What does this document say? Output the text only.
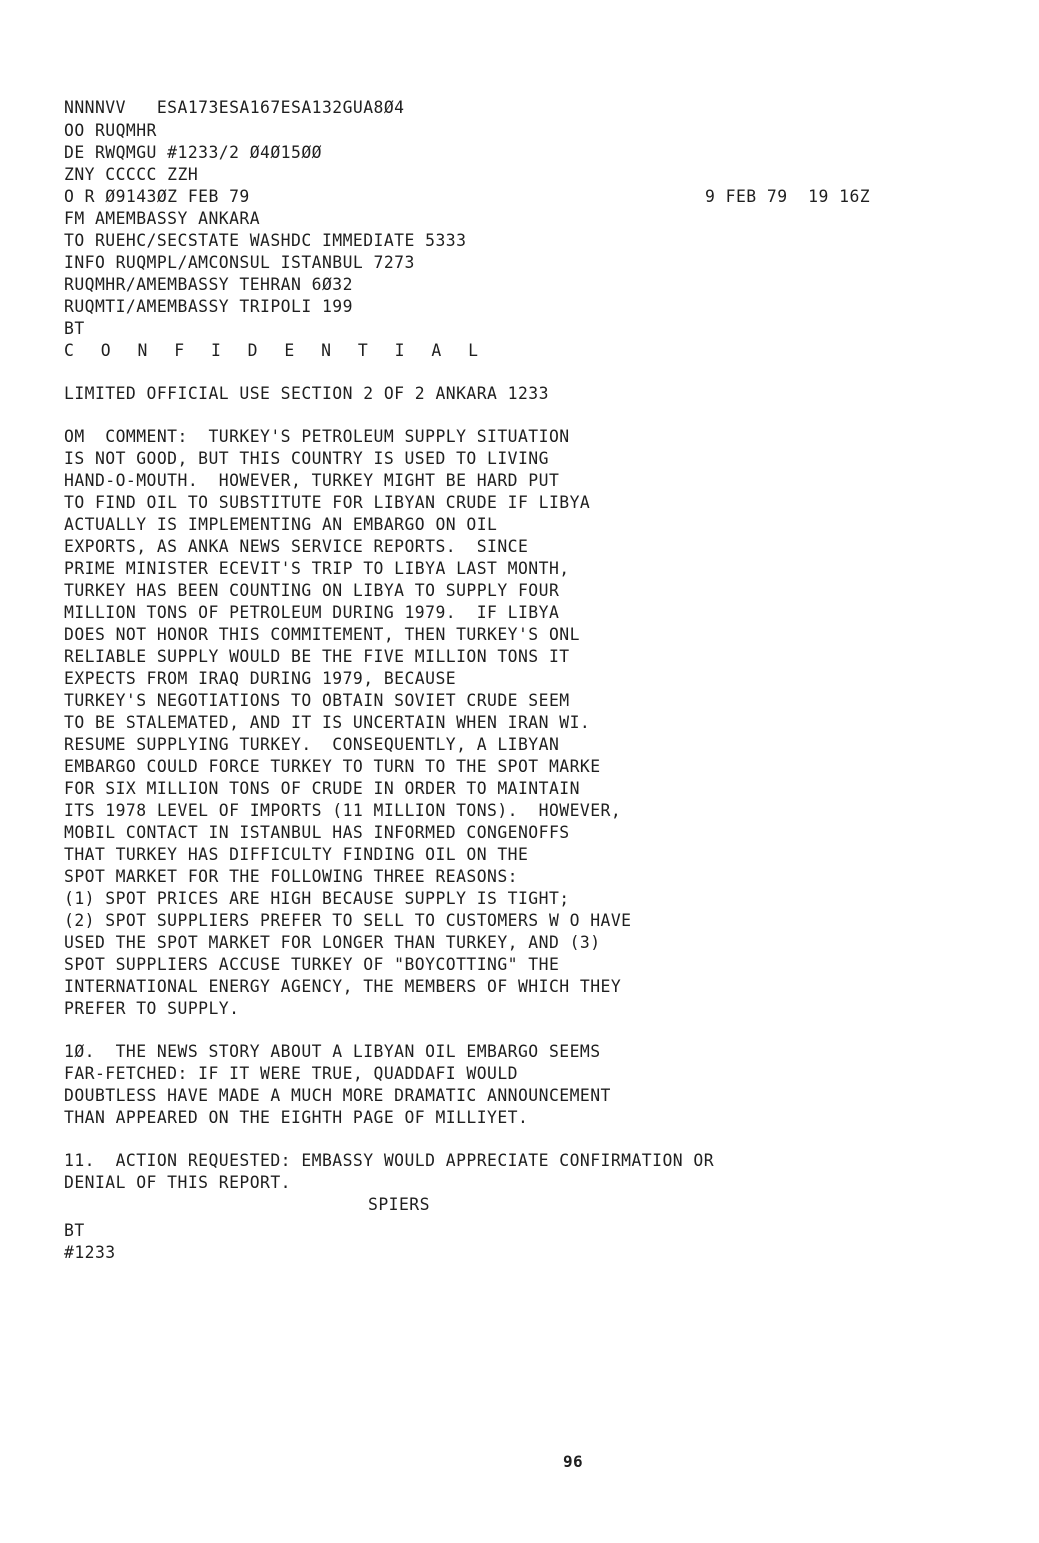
NNNNVV   ESA173ESA167ESA132GUA8Ø4
OO RUQMHR
DE RWQMGU #1233/2 Ø4Ø15ØØ
ZNY CCCCC ZZH
O R Ø9143ØZ FEB 79	9 FEB 79  19 16Z
FM AMEMBASSY ANKARA
TO RUEHC/SECSTATE WASHDC IMMEDIATE 5333
INFO RUQMPL/AMCONSUL ISTANBUL 7273
RUQMHR/AMEMBASSY TEHRAN 6Ø32
RUQMTI/AMEMBASSY TRIPOLI 199
BT
C O N F I D E N T I A L
LIMITED OFFICIAL USE SECTION 2 OF 2 ANKARA 1233
OM  COMMENT:  TURKEY'S PETROLEUM SUPPLY SITUATION
IS NOT GOOD, BUT THIS COUNTRY IS USED TO LIVING
HAND-O-MOUTH.  HOWEVER, TURKEY MIGHT BE HARD PUT
TO FIND OIL TO SUBSTITUTE FOR LIBYAN CRUDE IF LIBYA
ACTUALLY IS IMPLEMENTING AN EMBARGO ON OIL
EXPORTS, AS ANKA NEWS SERVICE REPORTS.  SINCE
PRIME MINISTER ECEVIT'S TRIP TO LIBYA LAST MONTH,
TURKEY HAS BEEN COUNTING ON LIBYA TO SUPPLY FOUR
MILLION TONS OF PETROLEUM DURING 1979.  IF LIBYA
DOES NOT HONOR THIS COMMITEMENT, THEN TURKEY'S ONL
RELIABLE SUPPLY WOULD BE THE FIVE MILLION TONS IT
EXPECTS FROM IRAQ DURING 1979, BECAUSE
TURKEY'S NEGOTIATIONS TO OBTAIN SOVIET CRUDE SEEM
TO BE STALEMATED, AND IT IS UNCERTAIN WHEN IRAN WI.
RESUME SUPPLYING TURKEY.  CONSEQUENTLY, A LIBYAN
EMBARGO COULD FORCE TURKEY TO TURN TO THE SPOT MARKE
FOR SIX MILLION TONS OF CRUDE IN ORDER TO MAINTAIN
ITS 1978 LEVEL OF IMPORTS (11 MILLION TONS).  HOWEVER,
MOBIL CONTACT IN ISTANBUL HAS INFORMED CONGENOFFS
THAT TURKEY HAS DIFFICULTY FINDING OIL ON THE
SPOT MARKET FOR THE FOLLOWING THREE REASONS:
(1) SPOT PRICES ARE HIGH BECAUSE SUPPLY IS TIGHT;
(2) SPOT SUPPLIERS PREFER TO SELL TO CUSTOMERS W O HAVE
USED THE SPOT MARKET FOR LONGER THAN TURKEY, AND (3)
SPOT SUPPLIERS ACCUSE TURKEY OF "BOYCOTTING" THE
INTERNATIONAL ENERGY AGENCY, THE MEMBERS OF WHICH THEY
PREFER TO SUPPLY.
1Ø.  THE NEWS STORY ABOUT A LIBYAN OIL EMBARGO SEEMS
FAR-FETCHED: IF IT WERE TRUE, QUADDAFI WOULD
DOUBTLESS HAVE MADE A MUCH MORE DRAMATIC ANNOUNCEMENT
THAN APPEARED ON THE EIGHTH PAGE OF MILLIYET.
11.  ACTION REQUESTED: EMBASSY WOULD APPRECIATE CONFIRMATION OR
DENIAL OF THIS REPORT.
SPIERS
BT
#1233
96
